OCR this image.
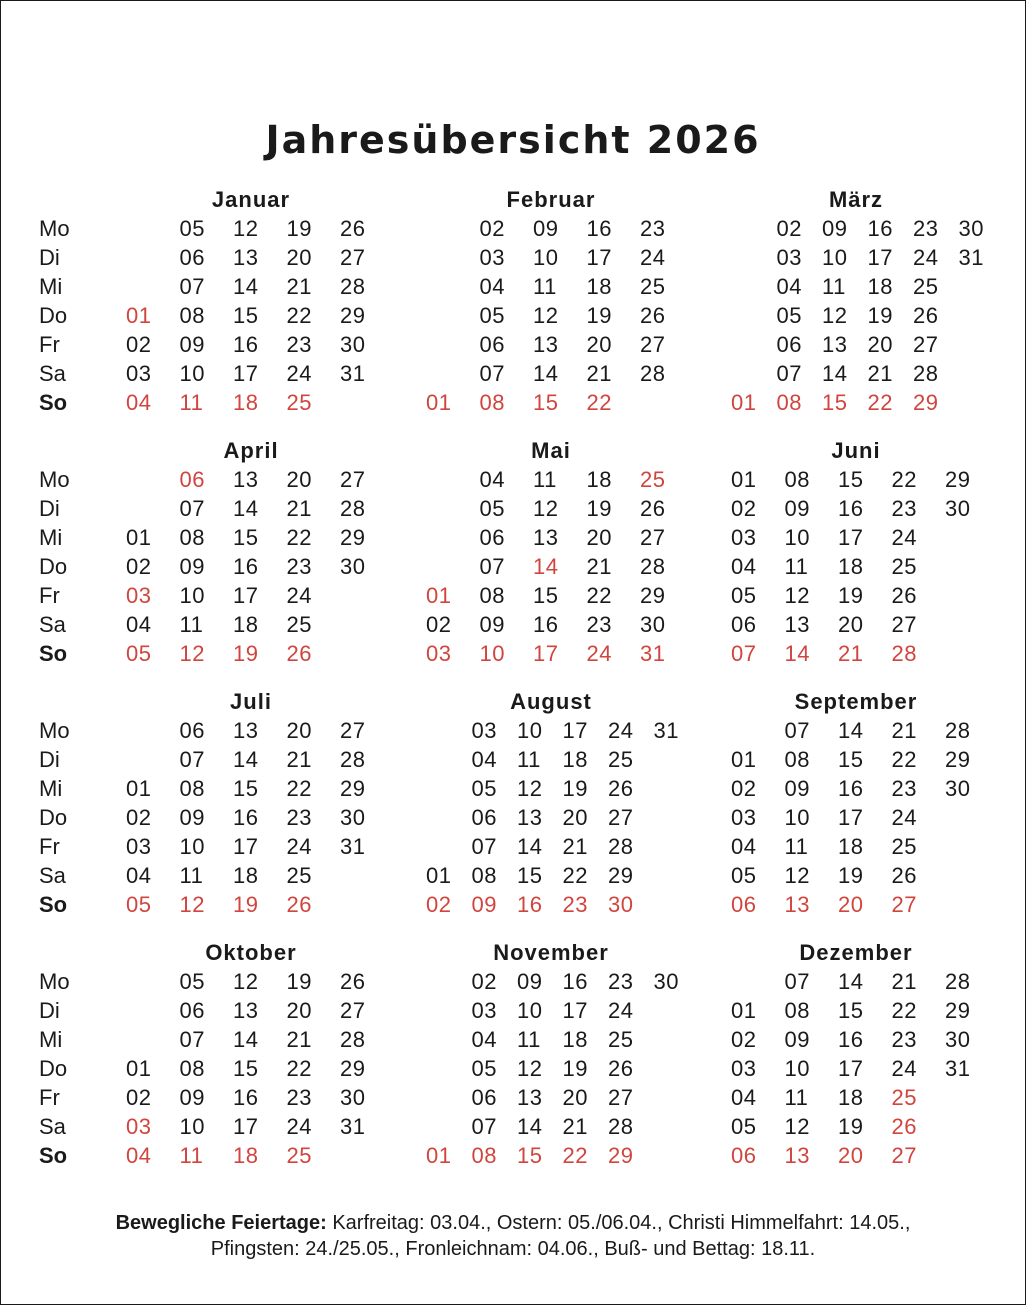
Jahresübersicht 2026
Mo
Di
Mi
Do
Fr
Sa
So
Mo
Di
Mi
Do
Fr
Sa
So
Mo
Di
Mi
Do
Fr
Sa
So
Mo
Di
Mi
Do
Fr
Sa
So
Januar
01
02
03
04
05
06
07
08
09
10
11
12
13
14
15
16
17
18
19
20
21
22
23
24
25
26
27
28
29
30
31
Februar
01
02
03
04
05
06
07
08
09
10
11
12
13
14
15
16
17
18
19
20
21
22
23
24
25
26
27
28
März
01
02
03
04
05
06
07
08
09
10
11
12
13
14
15
16
17
18
19
20
21
22
23
24
25
26
27
28
29
30
31
April
01
02
03
04
05
06
07
08
09
10
11
12
13
14
15
16
17
18
19
20
21
22
23
24
25
26
27
28
29
30
Mai
01
02
03
04
05
06
07
08
09
10
11
12
13
14
15
16
17
18
19
20
21
22
23
24
25
26
27
28
29
30
31
Juni
01
02
03
04
05
06
07
08
09
10
11
12
13
14
15
16
17
18
19
20
21
22
23
24
25
26
27
28
29
30
Juli
01
02
03
04
05
06
07
08
09
10
11
12
13
14
15
16
17
18
19
20
21
22
23
24
25
26
27
28
29
30
31
August
01
02
03
04
05
06
07
08
09
10
11
12
13
14
15
16
17
18
19
20
21
22
23
24
25
26
27
28
29
30
31
September
01
02
03
04
05
06
07
08
09
10
11
12
13
14
15
16
17
18
19
20
21
22
23
24
25
26
27
28
29
30
Oktober
01
02
03
04
05
06
07
08
09
10
11
12
13
14
15
16
17
18
19
20
21
22
23
24
25
26
27
28
29
30
31
November
01
02
03
04
05
06
07
08
09
10
11
12
13
14
15
16
17
18
19
20
21
22
23
24
25
26
27
28
29
30
Dezember
01
02
03
04
05
06
07
08
09
10
11
12
13
14
15
16
17
18
19
20
21
22
23
24
25
26
27
28
29
30
31
Bewegliche Feiertage: Karfreitag: 03.04., Ostern: 05./06.04., Christi Himmelfahrt: 14.05.,
Pfingsten: 24./25.05., Fronleichnam: 04.06., Buß- und Bettag: 18.11.
